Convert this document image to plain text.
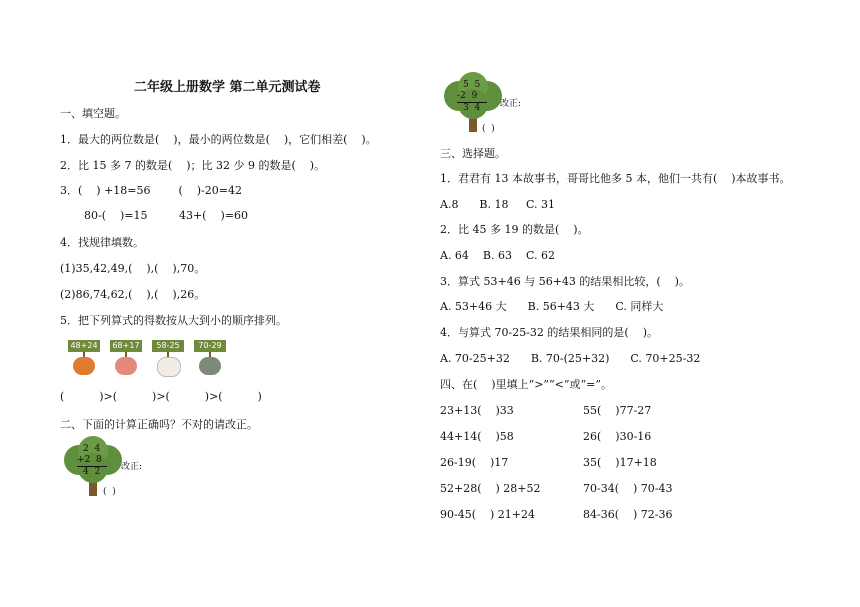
二年级上册数学 第二单元测试卷
一、填空题。
1．最大的两位数是(    )，最小的两位数是(    )，它们相差(    )。
2．比 15 多 7 的数是(    )；比 32 少 9 的数是(    )。
3．(    ) +18=56        (    )-20=42
80-(    )=15         43+(    )=60
4．找规律填数。
(1)35,42,49,(    ),(    ),70。
(2)86,74,62,(    ),(    ),26。
5．把下列算式的得数按从大到小的顺序排列。
48+24	68+17	58-25	70-29
(          )>(          )>(          )>(          )
二、下面的计算正确吗？不对的请改正。
2  4
+2  8
4  2 改正:
(  )
5  5
-2  9
3  4 改正:
(  )
三、选择题。
1．君君有 13 本故事书，哥哥比他多 5 本，他们一共有(    )本故事书。
A.8      B. 18     C. 31
2．比 45 多 19 的数是(    )。
A. 64    B. 63    C. 62
3．算式 53+46 与 56+43 的结果相比较，(    )。
A. 53+46 大      B. 56+43 大      C. 同样大
4．与算式 70-25-32 的结果相同的是(    )。
A. 70-25+32      B. 70-(25+32)      C. 70+25-32
四、在(    )里填上“>”“<”或“=”。
23+13(    )33	55(    )77-27
44+14(    )58	26(    )30-16
26-19(    )17	35(    )17+18
52+28(    ) 28+52	70-34(    ) 70-43
90-45(    ) 21+24	84-36(    ) 72-36
